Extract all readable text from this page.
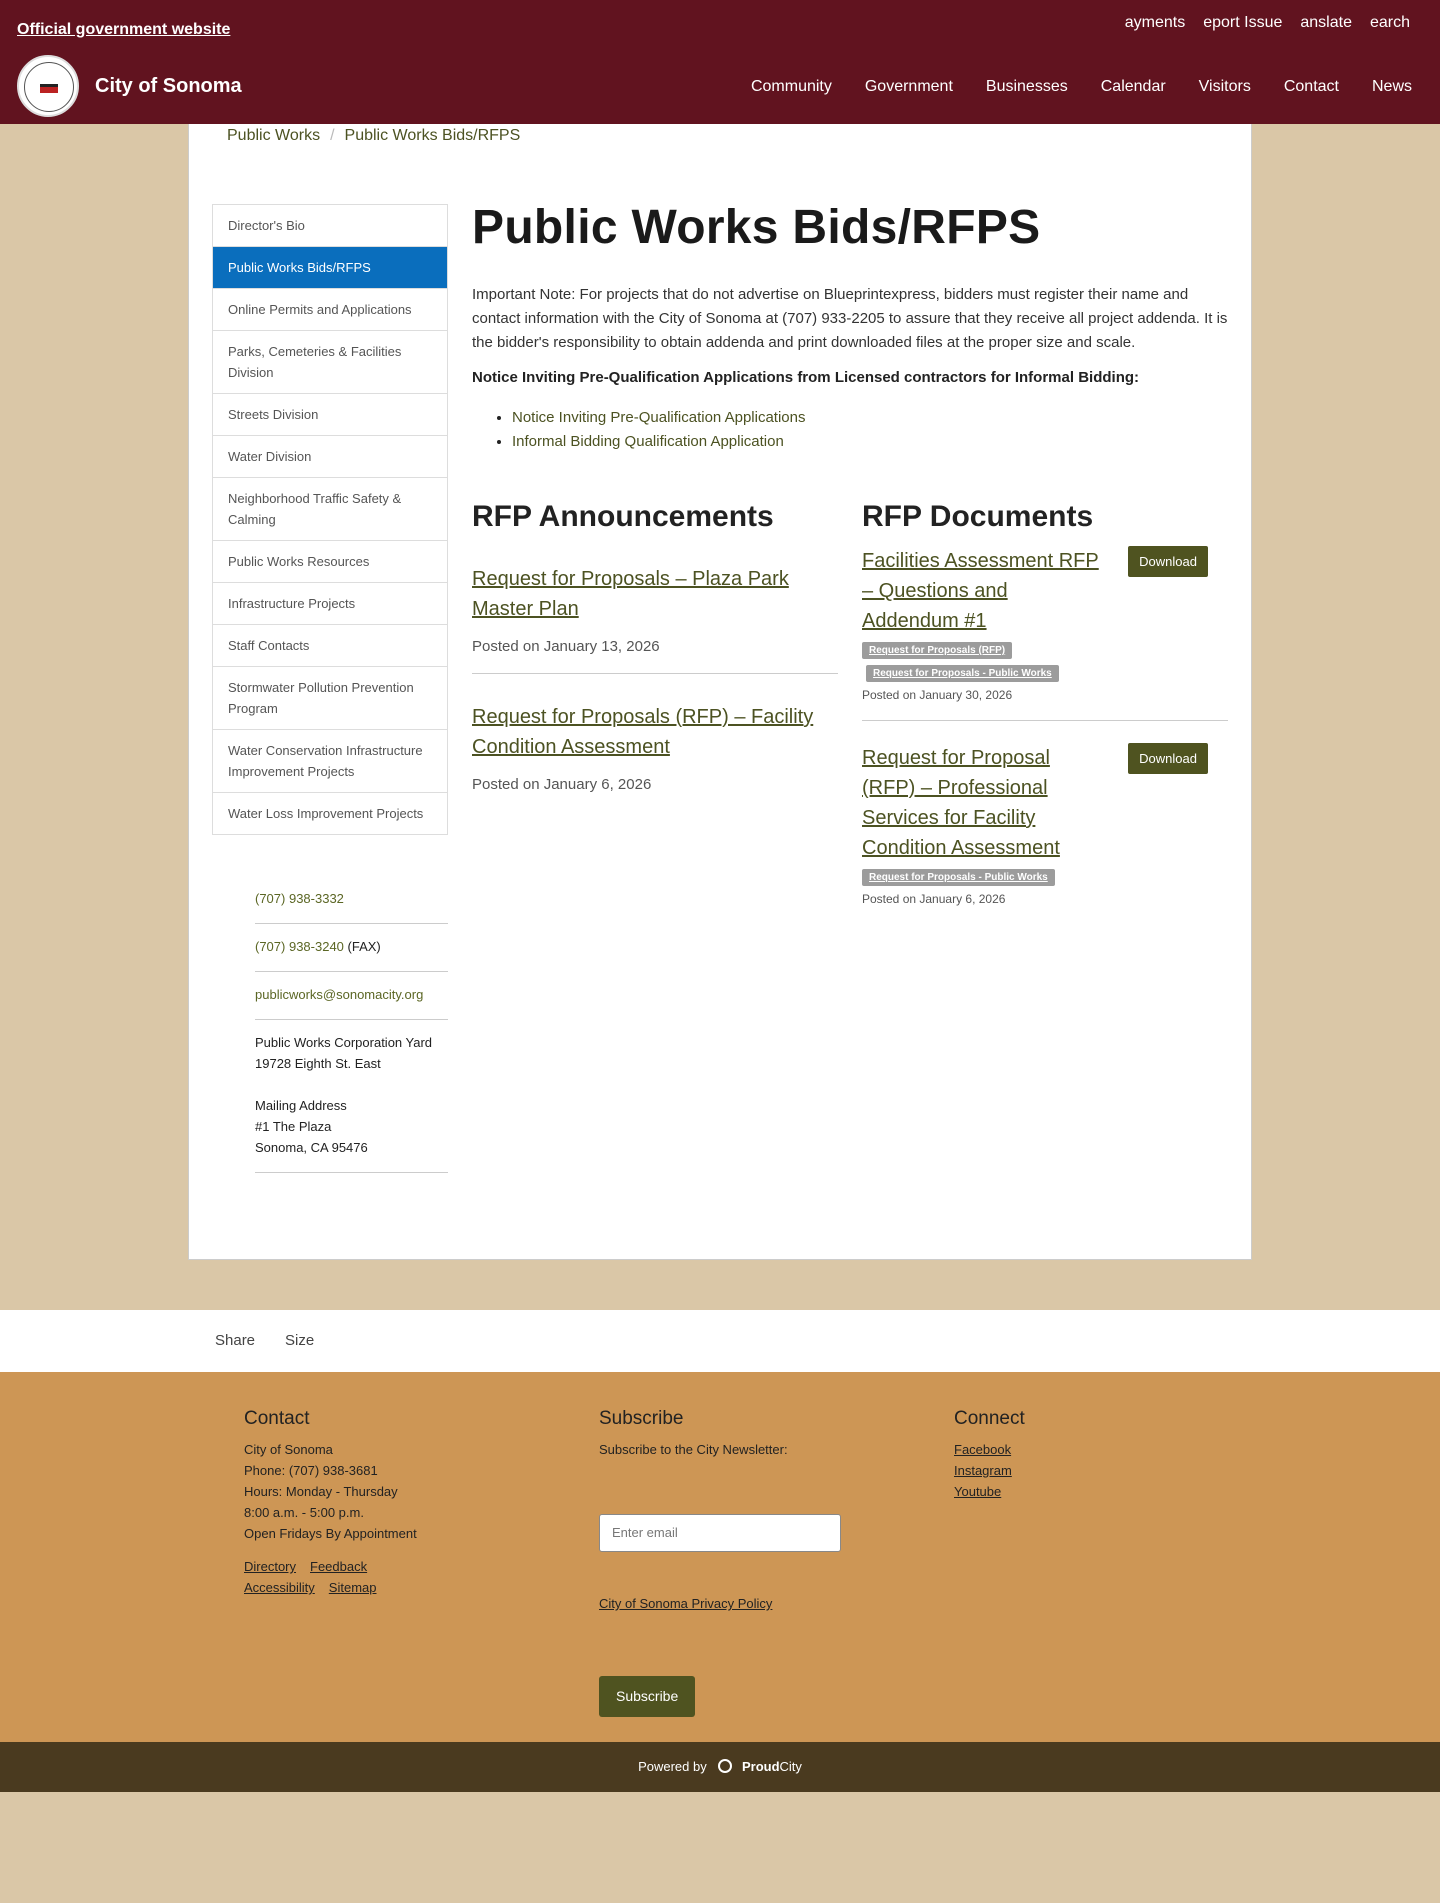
Official government website	ayments eport Issue anslate earch
City of Sonoma	Community Government Businesses Calendar Visitors Contact News
Public Works / Public Works Bids/RFPS
Director's Bio
Public Works Bids/RFPS
Online Permits and Applications
Parks, Cemeteries & Facilities Division
Streets Division
Water Division
Neighborhood Traffic Safety & Calming
Public Works Resources
Infrastructure Projects
Staff Contacts
Stormwater Pollution Prevention Program
Water Conservation Infrastructure Improvement Projects
Water Loss Improvement Projects
(707) 938-3332
(707) 938-3240 (FAX)
publicworks@sonomacity.org
Public Works Corporation Yard
19728 Eighth St. East
Mailing Address
#1 The Plaza
Sonoma, CA 95476
Public Works Bids/RFPS
Important Note: For projects that do not advertise on Blueprintexpress, bidders must register their name and contact information with the City of Sonoma at (707) 933-2205 to assure that they receive all project addenda. It is the bidder's responsibility to obtain addenda and print downloaded files at the proper size and scale.
Notice Inviting Pre-Qualification Applications from Licensed contractors for Informal Bidding:
• Notice Inviting Pre-Qualification Applications
• Informal Bidding Qualification Application
RFP Announcements
Request for Proposals – Plaza Park Master Plan
Posted on January 13, 2026
Request for Proposals (RFP) – Facility Condition Assessment
Posted on January 6, 2026
RFP Documents
Facilities Assessment RFP – Questions and Addendum #1
Download
Request for Proposals (RFP)
Request for Proposals - Public Works
Posted on January 30, 2026
Request for Proposal (RFP) – Professional Services for Facility Condition Assessment
Download
Request for Proposals - Public Works
Posted on January 6, 2026
Share Size
Contact
City of Sonoma
Phone: (707) 938-3681
Hours: Monday - Thursday
8:00 a.m. - 5:00 p.m.
Open Fridays By Appointment
Directory Feedback
Accessibility Sitemap
Subscribe
Subscribe to the City Newsletter:
Enter email
City of Sonoma Privacy Policy
Subscribe
Connect
Facebook
Instagram
Youtube
Powered by	ProudCity
